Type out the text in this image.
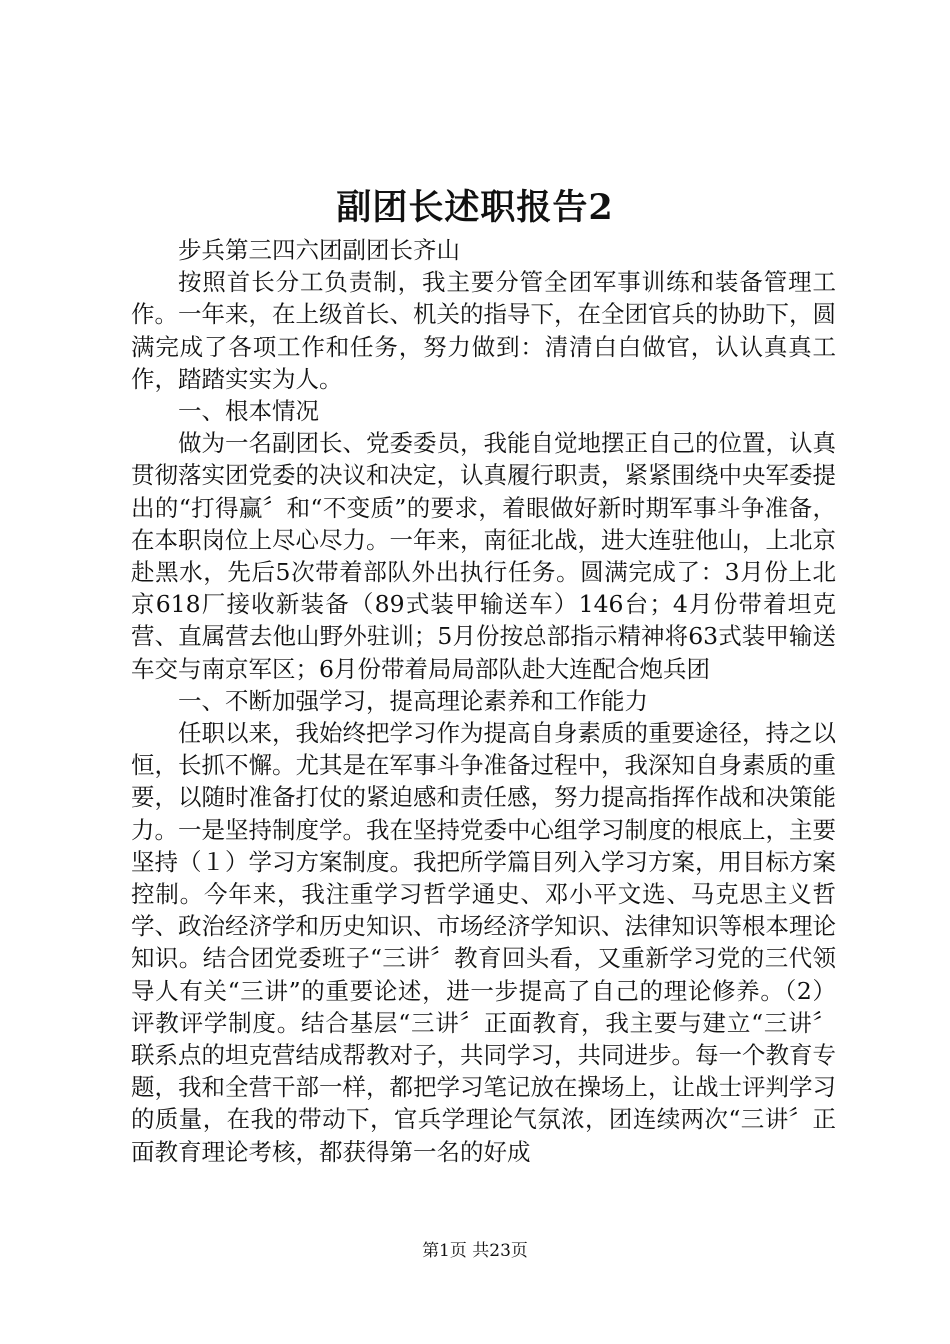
副团长述职报告2

步兵第三四六团副团长齐山

按照首长分工负责制，我主要分管全团军事训练和装备管理工作。一年来，在上级首长、机关的指导下，在全团官兵的协助下，圆满完成了各项工作和任务，努力做到：清清白白做官，认认真真工作，踏踏实实为人。

一、根本情况

做为一名副团长、党委委员，我能自觉地摆正自己的位置，认真贯彻落实团党委的决议和决定，认真履行职责，紧紧围绕中央军委提出的“打得赢〞和“不变质”的要求，着眼做好新时期军事斗争准备，在本职岗位上尽心尽力。一年来，南征北战，进大连驻他山，上北京赴黑水，先后5次带着部队外出执行任务。圆满完成了：3月份上北京618厂接收新装备（89式装甲输送车）146台；4月份带着坦克营、直属营去他山野外驻训；5月份按总部指示精神将63式装甲输送车交与南京军区；6月份带着局局部队赴大连配合炮兵团

一、不断加强学习，提高理论素养和工作能力

任职以来，我始终把学习作为提高自身素质的重要途径，持之以恒，长抓不懈。尤其是在军事斗争准备过程中，我深知自身素质的重要，以随时准备打仗的紧迫感和责任感，努力提高指挥作战和决策能力。一是坚持制度学。我在坚持党委中心组学习制度的根底上，主要坚持（１）学习方案制度。我把所学篇目列入学习方案，用目标方案控制。今年来，我注重学习哲学通史、邓小平文选、马克思主义哲学、政治经济学和历史知识、市场经济学知识、法律知识等根本理论知识。结合团党委班子“三讲〞教育回头看，又重新学习党的三代领导人有关“三讲”的重要论述，进一步提高了自己的理论修养。（2）评教评学制度。结合基层“三讲〞正面教育，我主要与建立“三讲〞联系点的坦克营结成帮教对子，共同学习，共同进步。每一个教育专题，我和全营干部一样，都把学习笔记放在操场上，让战士评判学习的质量，在我的带动下，官兵学理论气氛浓，团连续两次“三讲〞正面教育理论考核，都获得第一名的好成

第1页 共23页
